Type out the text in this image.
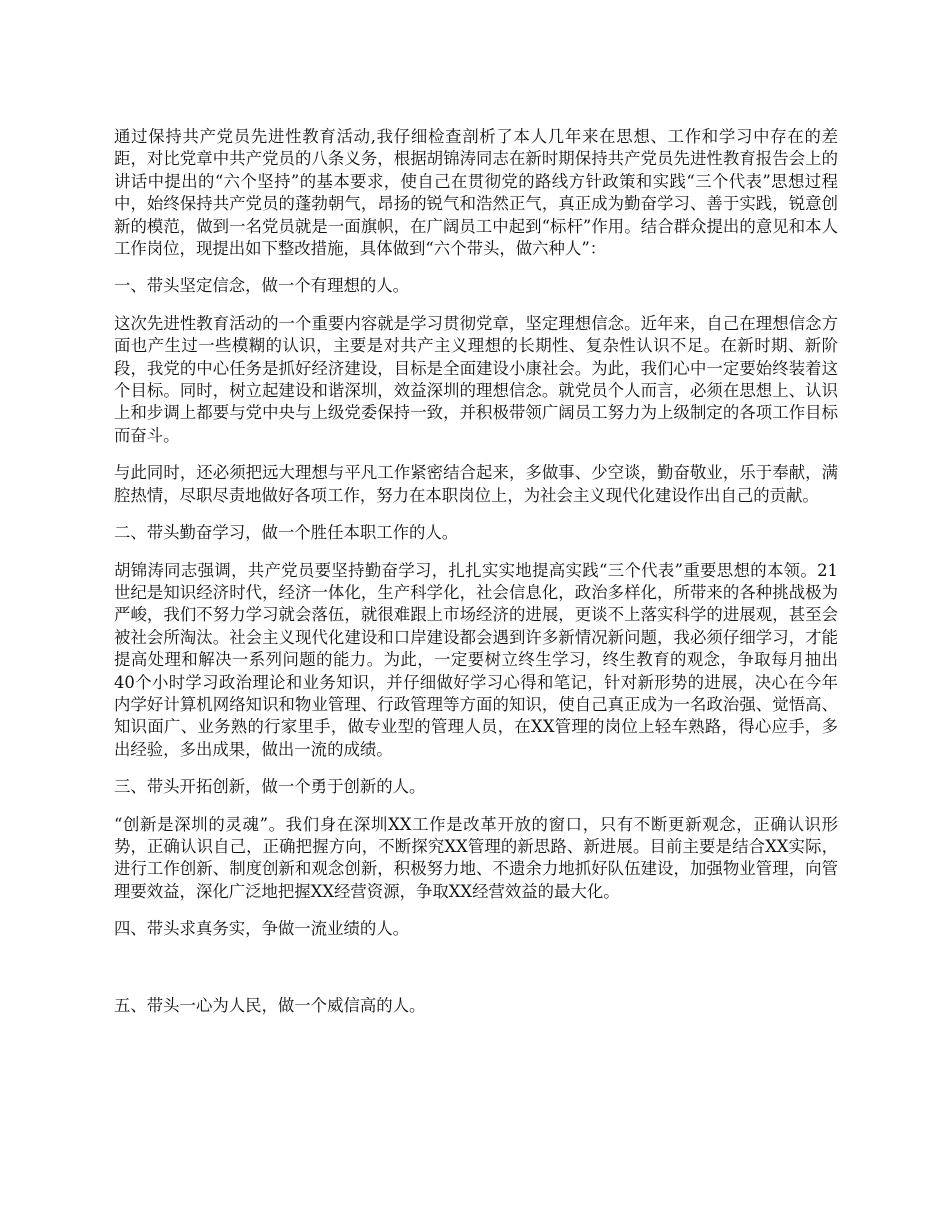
通过保持共产党员先进性教育活动,我仔细检查剖析了本人几年来在思想、工作和学习中存在的差距，对比党章中共产党员的八条义务，根据胡锦涛同志在新时期保持共产党员先进性教育报告会上的讲话中提出的“六个坚持”的基本要求，使自己在贯彻党的路线方针政策和实践“三个代表”思想过程中，始终保持共产党员的蓬勃朝气，昂扬的锐气和浩然正气，真正成为勤奋学习、善于实践，锐意创新的模范，做到一名党员就是一面旗帜，在广阔员工中起到“标杆”作用。结合群众提出的意见和本人工作岗位，现提出如下整改措施，具体做到“六个带头，做六种人”：

一、带头坚定信念，做一个有理想的人。

这次先进性教育活动的一个重要内容就是学习贯彻党章，坚定理想信念。近年来，自己在理想信念方面也产生过一些模糊的认识，主要是对共产主义理想的长期性、复杂性认识不足。在新时期、新阶段，我党的中心任务是抓好经济建设，目标是全面建设小康社会。为此，我们心中一定要始终装着这个目标。同时，树立起建设和谐深圳，效益深圳的理想信念。就党员个人而言，必须在思想上、认识上和步调上都要与党中央与上级党委保持一致，并积极带领广阔员工努力为上级制定的各项工作目标而奋斗。

与此同时，还必须把远大理想与平凡工作紧密结合起来，多做事、少空谈，勤奋敬业，乐于奉献，满腔热情，尽职尽责地做好各项工作，努力在本职岗位上，为社会主义现代化建设作出自己的贡献。

二、带头勤奋学习，做一个胜任本职工作的人。

胡锦涛同志强调，共产党员要坚持勤奋学习，扎扎实实地提高实践“三个代表”重要思想的本领。21世纪是知识经济时代，经济一体化，生产科学化，社会信息化，政治多样化，所带来的各种挑战极为严峻，我们不努力学习就会落伍，就很难跟上市场经济的进展，更谈不上落实科学的进展观，甚至会被社会所淘汰。社会主义现代化建设和口岸建设都会遇到许多新情况新问题，我必须仔细学习，才能提高处理和解决一系列问题的能力。为此，一定要树立终生学习，终生教育的观念，争取每月抽出40个小时学习政治理论和业务知识，并仔细做好学习心得和笔记，针对新形势的进展，决心在今年内学好计算机网络知识和物业管理、行政管理等方面的知识，使自己真正成为一名政治强、觉悟高、知识面广、业务熟的行家里手，做专业型的管理人员，在XX管理的岗位上轻车熟路，得心应手，多出经验，多出成果，做出一流的成绩。

三、带头开拓创新，做一个勇于创新的人。

“创新是深圳的灵魂”。我们身在深圳XX工作是改革开放的窗口，只有不断更新观念，正确认识形势，正确认识自己，正确把握方向，不断探究XX管理的新思路、新进展。目前主要是结合XX实际，进行工作创新、制度创新和观念创新，积极努力地、不遗余力地抓好队伍建设，加强物业管理，向管理要效益，深化广泛地把握XX经营资源，争取XX经营效益的最大化。

四、带头求真务实，争做一流业绩的人。

五、带头一心为人民，做一个威信高的人。
